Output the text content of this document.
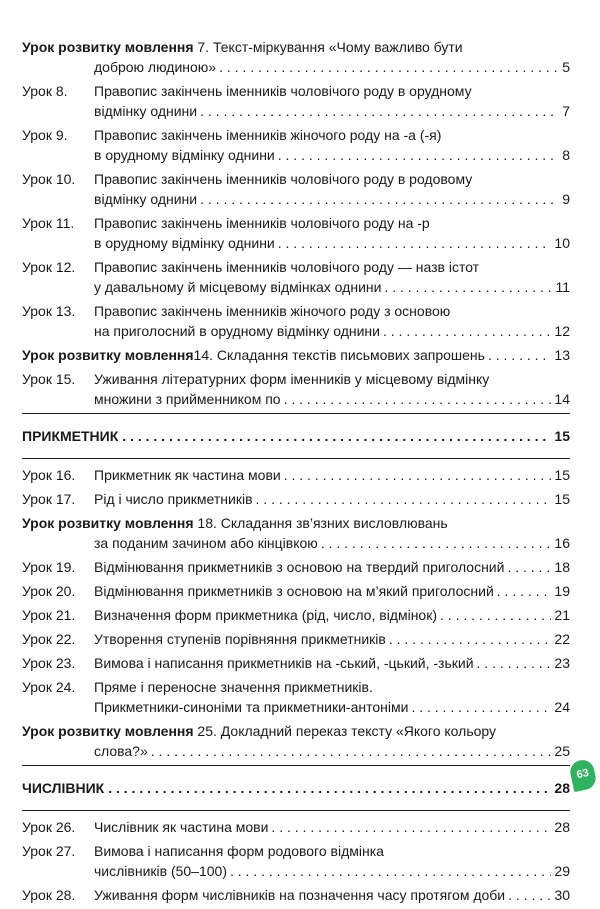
Урок розвитку мовлення 7. Текст-міркування «Чому важливо бути
доброю людиною» . . .	5
Урок 8.	Правопис закінчень іменників чоловічого роду в орудному
відмінку однини . . .	7
Урок 9.	Правопис закінчень іменників жіночого роду на -а (-я)
в орудному відмінку однини . . .	8
Урок 10.	Правопис закінчень іменників чоловічого роду в родовому
відмінку однини . . .	9
Урок 11.	Правопис закінчень іменників чоловічого роду на -р
в орудному відмінку однини . . .	10
Урок 12.	Правопис закінчень іменників чоловічого роду — назв істот
у давальному й місцевому відмінках однини . . .	11
Урок 13.	Правопис закінчень іменників жіночого роду з основою
на приголосний в орудному відмінку однини . . .	12
Урок розвитку мовлення14. Складання текстів письмових запрошень . . .	13
Урок 15.	Уживання літературних форм іменників у місцевому відмінку
множини з прийменником по . . .	14
ПРИКМЕТНИК . . .	15
Урок 16.	Прикметник як частина мови . . .	15
Урок 17.	Рід і число прикметників . . .	15
Урок розвитку мовлення 18. Складання зв’язних висловлювань
за поданим зачином або кінцівкою . . .	16
Урок 19.	Відмінювання прикметників з основою на твердий приголосний . . .	18
Урок 20.	Відмінювання прикметників з основою на м’який приголосний . . .	19
Урок 21.	Визначення форм прикметника (рід, число, відмінок) . . .	21
Урок 22.	Утворення ступенів порівняння прикметників . . .	22
Урок 23.	Вимова і написання прикметників на -ський, -цький, -зький . . .	23
Урок 24.	Пряме і переносне значення прикметників.
Прикметники-синоніми та прикметники-антоніми . . .	24
Урок розвитку мовлення 25. Докладний переказ тексту «Якого кольору
слова?» . . .	25
ЧИСЛІВНИК . . .	28
Урок 26.	Числівник як частина мови . . .	28
Урок 27.	Вимова і написання форм родового відмінка
числівників (50–100) . . .	29
Урок 28.	Уживання форм числівників на позначення часу протягом доби . . .	30
63
